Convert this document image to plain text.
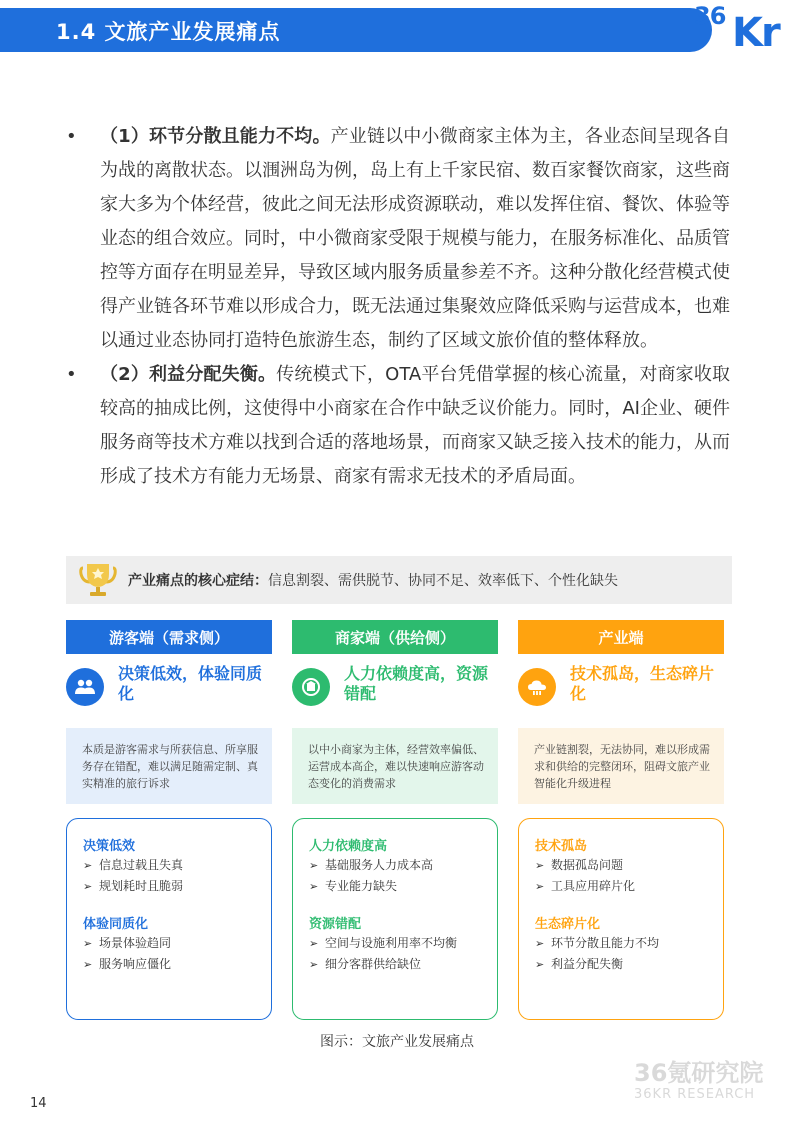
1.4 文旅产业发展痛点
36 Kr
• （1）环节分散且能力不均。产业链以中小微商家主体为主，各业态间呈现各自为战的离散状态。以涠洲岛为例，岛上有上千家民宿、数百家餐饮商家，这些商家大多为个体经营，彼此之间无法形成资源联动，难以发挥住宿、餐饮、体验等业态的组合效应。同时，中小微商家受限于规模与能力，在服务标准化、品质管控等方面存在明显差异，导致区域内服务质量参差不齐。这种分散化经营模式使得产业链各环节难以形成合力，既无法通过集聚效应降低采购与运营成本，也难以通过业态协同打造特色旅游生态，制约了区域文旅价值的整体释放。

• （2）利益分配失衡。传统模式下，OTA平台凭借掌握的核心流量，对商家收取较高的抽成比例，这使得中小商家在合作中缺乏议价能力。同时，AI企业、硬件服务商等技术方难以找到合适的落地场景，而商家又缺乏接入技术的能力，从而形成了技术方有能力无场景、商家有需求无技术的矛盾局面。

产业痛点的核心症结：信息割裂、需供脱节、协同不足、效率低下、个性化缺失
游客端（需求侧）
决策低效，体验同质化
本质是游客需求与所获信息、所享服务存在错配，难以满足随需定制、真实精准的旅行诉求
决策低效
➢ 信息过载且失真
➢ 规划耗时且脆弱
体验同质化
➢ 场景体验趋同
➢ 服务响应僵化
商家端（供给侧）
人力依赖度高，资源错配
以中小商家为主体，经营效率偏低、运营成本高企，难以快速响应游客动态变化的消费需求
人力依赖度高
➢ 基础服务人力成本高
➢ 专业能力缺失
资源错配
➢ 空间与设施利用率不均衡
➢ 细分客群供给缺位
产业端
技术孤岛，生态碎片化
产业链割裂，无法协同，难以形成需求和供给的完整闭环，阻碍文旅产业智能化升级进程
技术孤岛
➢ 数据孤岛问题
➢ 工具应用碎片化
生态碎片化
➢ 环节分散且能力不均
➢ 利益分配失衡
图示：文旅产业发展痛点
36氪研究院
36KR RESEARCH
14
